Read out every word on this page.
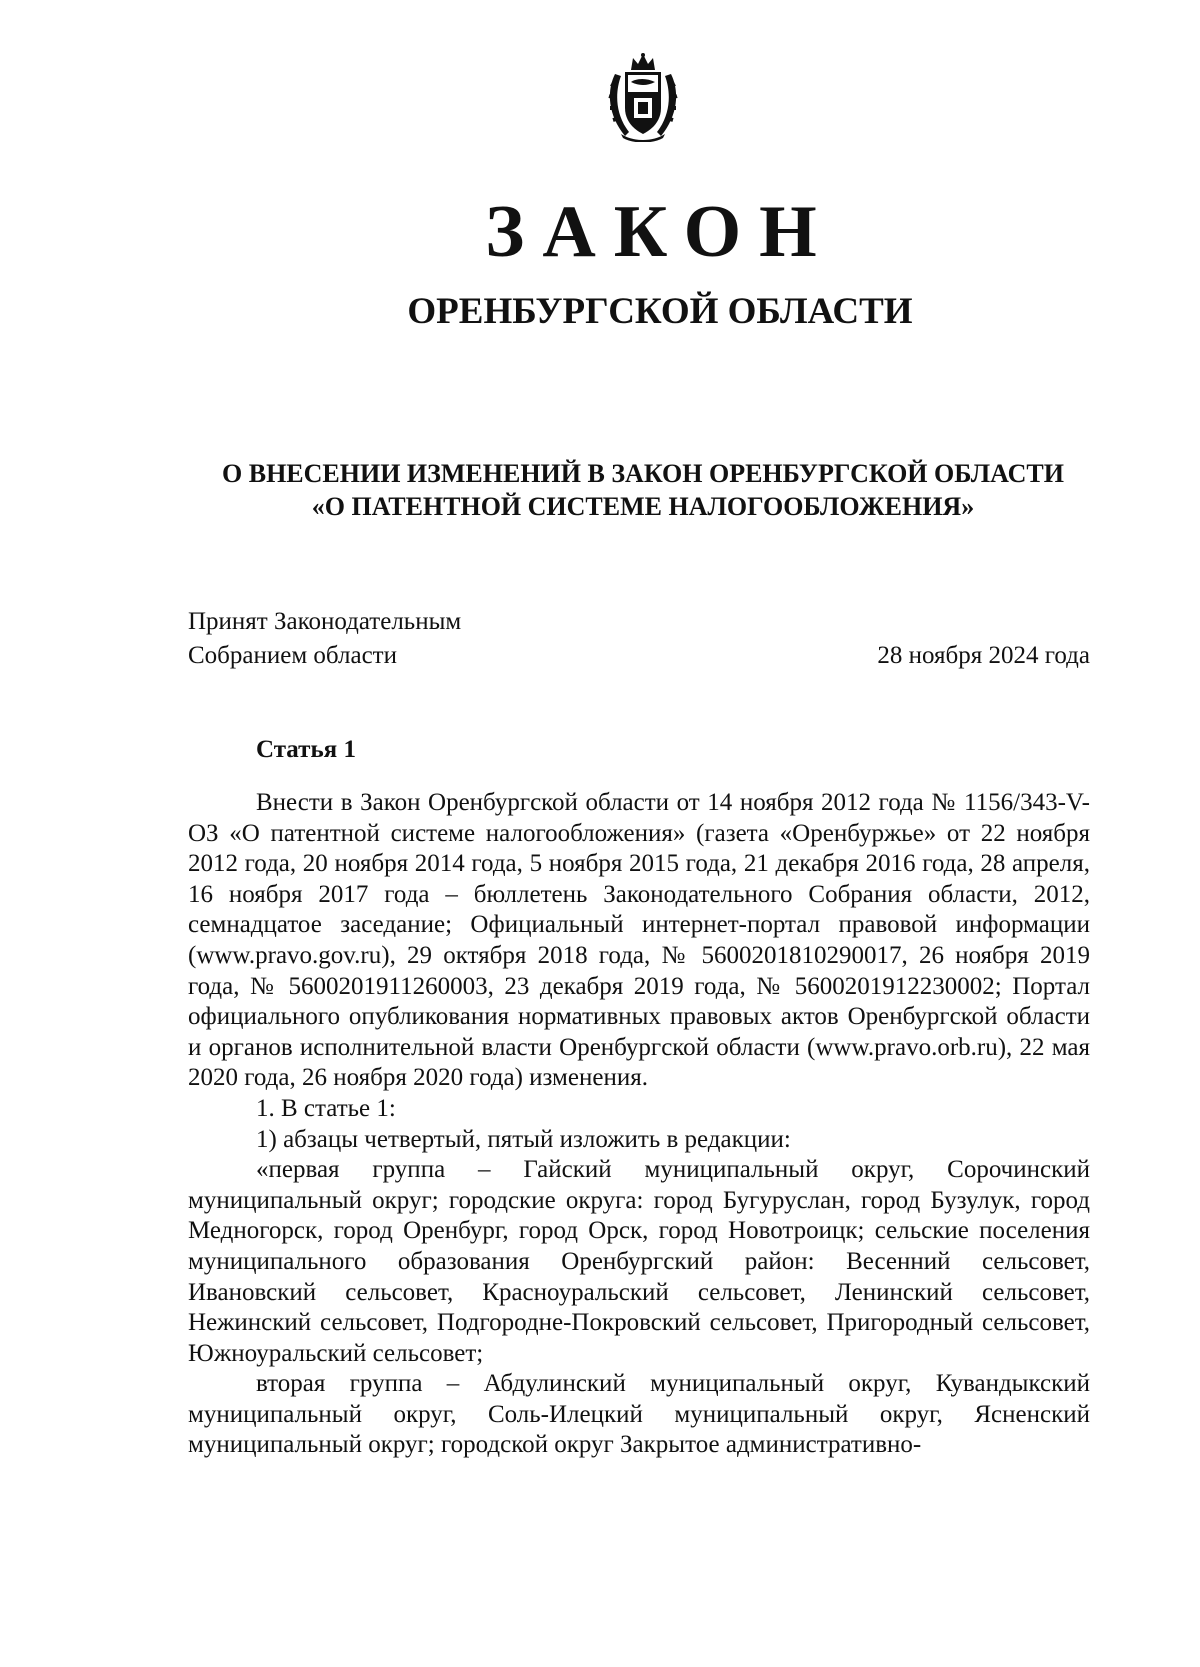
ЗАКОН
ОРЕНБУРГСКОЙ ОБЛАСТИ
О ВНЕСЕНИИ ИЗМЕНЕНИЙ В ЗАКОН ОРЕНБУРГСКОЙ ОБЛАСТИ
«О ПАТЕНТНОЙ СИСТЕМЕ НАЛОГООБЛОЖЕНИЯ»
Принят Законодательным
Собранием области	28 ноября 2024 года
Статья 1

Внести в Закон Оренбургской области от 14 ноября 2012 года № 1156/343-V-ОЗ «О патентной системе налогообложения» (газета «Оренбуржье» от 22 ноября 2012 года, 20 ноября 2014 года, 5 ноября 2015 года, 21 декабря 2016 года, 28 апреля, 16 ноября 2017 года – бюллетень Законодательного Собрания области, 2012, семнадцатое заседание; Официальный интернет-портал правовой информации (www.pravo.gov.ru), 29 октября 2018 года, № 5600201810290017, 26 ноября 2019 года, № 5600201911260003, 23 декабря 2019 года, № 5600201912230002; Портал официального опубликования нормативных правовых актов Оренбургской области и органов исполнительной власти Оренбургской области (www.pravo.orb.ru), 22 мая 2020 года, 26 ноября 2020 года) изменения.

1. В статье 1:

1) абзацы четвертый, пятый изложить в редакции:

«первая группа – Гайский муниципальный округ, Сорочинский муниципальный округ; городские округа: город Бугуруслан, город Бузулук, город Медногорск, город Оренбург, город Орск, город Новотроицк; сельские поселения муниципального образования Оренбургский район: Весенний сельсовет, Ивановский сельсовет, Красноуральский сельсовет, Ленинский сельсовет, Нежинский сельсовет, Подгородне-Покровский сельсовет, Пригородный сельсовет, Южноуральский сельсовет;

вторая группа – Абдулинский муниципальный округ, Кувандыкский муниципальный округ, Соль-Илецкий муниципальный округ, Ясненский муниципальный округ; городской округ Закрытое административно-
